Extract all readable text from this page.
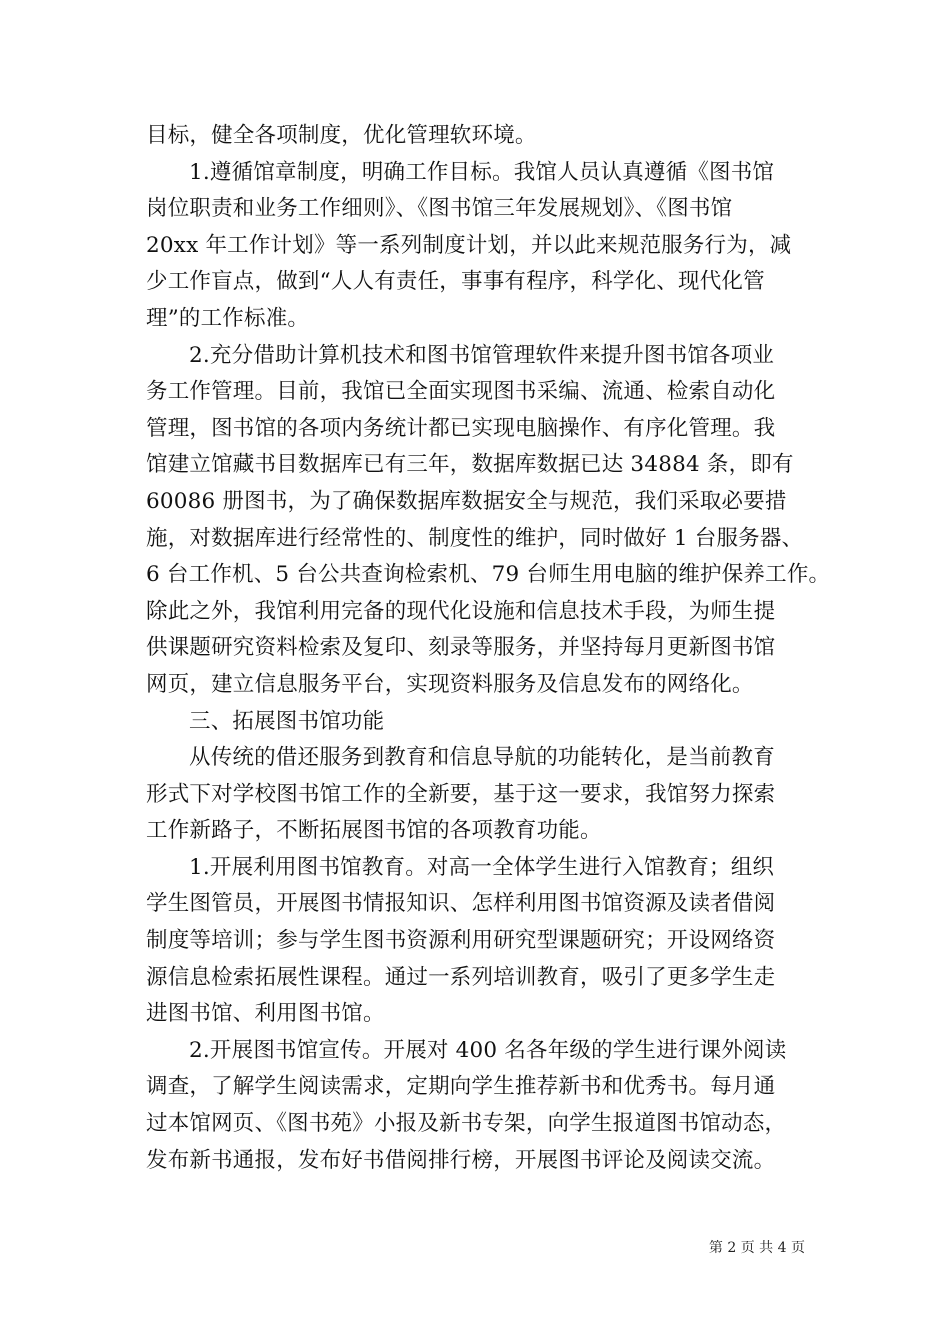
目标，健全各项制度，优化管理软环境。
1.遵循馆章制度，明确工作目标。我馆人员认真遵循《图书馆
岗位职责和业务工作细则》、《图书馆三年发展规划》、《图书馆
20xx 年工作计划》等一系列制度计划，并以此来规范服务行为，减
少工作盲点，做到“人人有责任，事事有程序，科学化、现代化管
理”的工作标准。
2.充分借助计算机技术和图书馆管理软件来提升图书馆各项业
务工作管理。目前，我馆已全面实现图书采编、流通、检索自动化
管理，图书馆的各项内务统计都已实现电脑操作、有序化管理。我
馆建立馆藏书目数据库已有三年，数据库数据已达 34884 条，即有
60086 册图书，为了确保数据库数据安全与规范，我们采取必要措
施，对数据库进行经常性的、制度性的维护，同时做好 1 台服务器、
6 台工作机、5 台公共查询检索机、79 台师生用电脑的维护保养工作。
除此之外，我馆利用完备的现代化设施和信息技术手段，为师生提
供课题研究资料检索及复印、刻录等服务，并坚持每月更新图书馆
网页，建立信息服务平台，实现资料服务及信息发布的网络化。
三、拓展图书馆功能
从传统的借还服务到教育和信息导航的功能转化，是当前教育
形式下对学校图书馆工作的全新要，基于这一要求，我馆努力探索
工作新路子，不断拓展图书馆的各项教育功能。
1.开展利用图书馆教育。对高一全体学生进行入馆教育；组织
学生图管员，开展图书情报知识、怎样利用图书馆资源及读者借阅
制度等培训；参与学生图书资源利用研究型课题研究；开设网络资
源信息检索拓展性课程。通过一系列培训教育，吸引了更多学生走
进图书馆、利用图书馆。
2.开展图书馆宣传。开展对 400 名各年级的学生进行课外阅读
调查，了解学生阅读需求，定期向学生推荐新书和优秀书。每月通
过本馆网页、《图书苑》小报及新书专架，向学生报道图书馆动态，
发布新书通报，发布好书借阅排行榜，开展图书评论及阅读交流。
第 2 页 共 4 页
